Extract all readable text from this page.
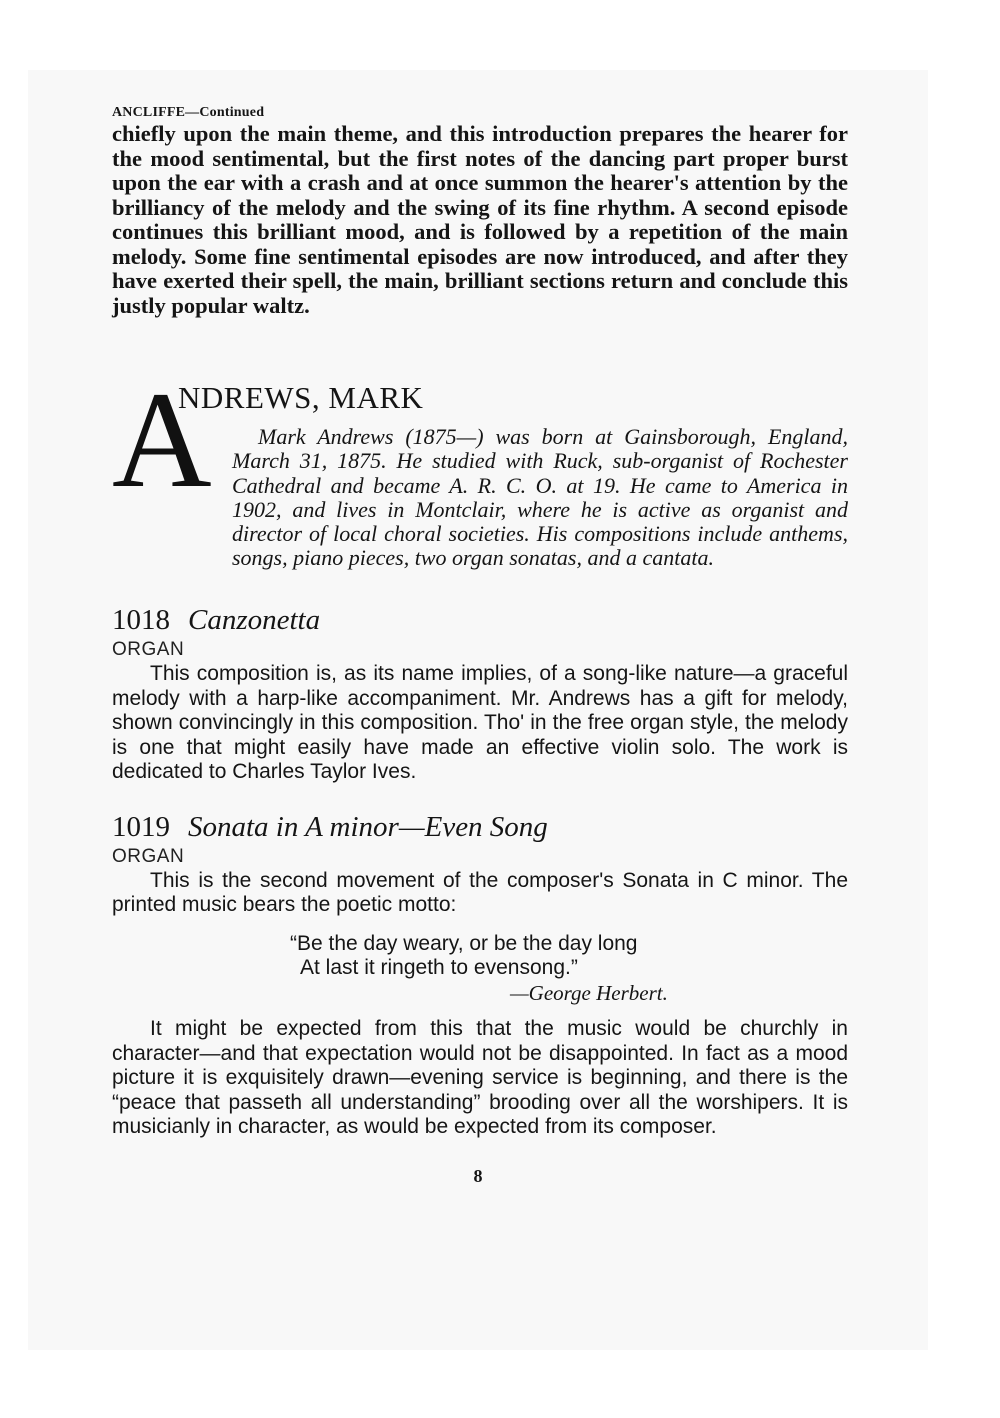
ANCLIFFE—Continued

chiefly upon the main theme, and this introduction prepares the hearer for the mood sentimental, but the first notes of the dancing part proper burst upon the ear with a crash and at once summon the hearer's attention by the brilliancy of the melody and the swing of its fine rhythm. A second episode continues this brilliant mood, and is followed by a repetition of the main melody. Some fine sentimental episodes are now introduced, and after they have exerted their spell, the main, brilliant sections return and conclude this justly popular waltz.

A
NDREWS, MARK

Mark Andrews (1875—) was born at Gainsborough, England, March 31, 1875. He studied with Ruck, sub-organist of Rochester Cathedral and became A. R. C. O. at 19. He came to America in 1902, and lives in Montclair, where he is active as organist and director of local choral societies. His compositions include anthems, songs, piano pieces, two organ sonatas, and a cantata.

1018 Canzonetta
ORGAN

This composition is, as its name implies, of a song-like nature—a graceful melody with a harp-like accompaniment. Mr. Andrews has a gift for melody, shown convincingly in this composition. Tho' in the free organ style, the melody is one that might easily have made an effective violin solo. The work is dedicated to Charles Taylor Ives.

1019 Sonata in A minor—Even Song
ORGAN

This is the second movement of the composer's Sonata in C minor. The printed music bears the poetic motto:

“Be the day weary, or be the day long
At last it ringeth to evensong.”
—George Herbert.

It might be expected from this that the music would be churchly in character—and that expectation would not be disappointed. In fact as a mood picture it is exquisitely drawn—evening service is beginning, and there is the “peace that passeth all understanding” brooding over all the worshipers. It is musicianly in character, as would be expected from its composer.

8
